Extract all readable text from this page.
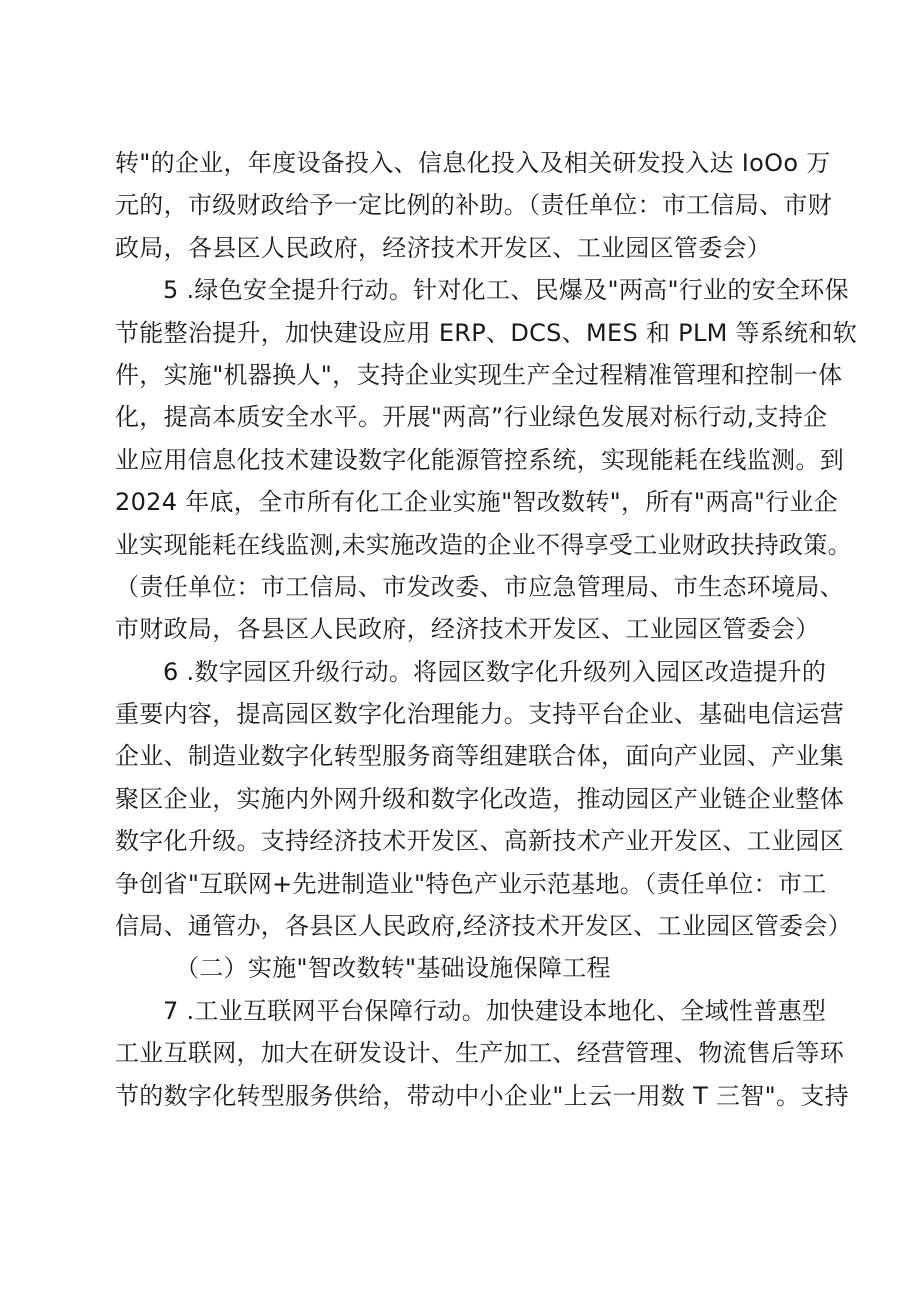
转"的企业，年度设备投入、信息化投入及相关研发投入达 IoOo 万
元的，市级财政给予一定比例的补助。（责任单位：市工信局、市财
政局，各县区人民政府，经济技术开发区、工业园区管委会）
5 .绿色安全提升行动。针对化工、民爆及"两高"行业的安全环保
节能整治提升，加快建设应用 ERP、DCS、MES 和 PLM 等系统和软
件，实施"机器换人"，支持企业实现生产全过程精准管理和控制一体
化，提高本质安全水平。开展"两高”行业绿色发展对标行动,支持企
业应用信息化技术建设数字化能源管控系统，实现能耗在线监测。到
2024 年底，全市所有化工企业实施"智改数转"，所有"两高"行业企
业实现能耗在线监测,未实施改造的企业不得享受工业财政扶持政策。
（责任单位：市工信局、市发改委、市应急管理局、市生态环境局、
市财政局，各县区人民政府，经济技术开发区、工业园区管委会）
6 .数字园区升级行动。将园区数字化升级列入园区改造提升的
重要内容，提高园区数字化治理能力。支持平台企业、基础电信运营
企业、制造业数字化转型服务商等组建联合体，面向产业园、产业集
聚区企业，实施内外网升级和数字化改造，推动园区产业链企业整体
数字化升级。支持经济技术开发区、高新技术产业开发区、工业园区
争创省"互联网+先进制造业"特色产业示范基地。（责任单位：市工
信局、通管办，各县区人民政府,经济技术开发区、工业园区管委会）
（二）实施"智改数转"基础设施保障工程
7 .工业互联网平台保障行动。加快建设本地化、全域性普惠型
工业互联网，加大在研发设计、生产加工、经营管理、物流售后等环
节的数字化转型服务供给，带动中小企业"上云一用数 T 三智"。支持
